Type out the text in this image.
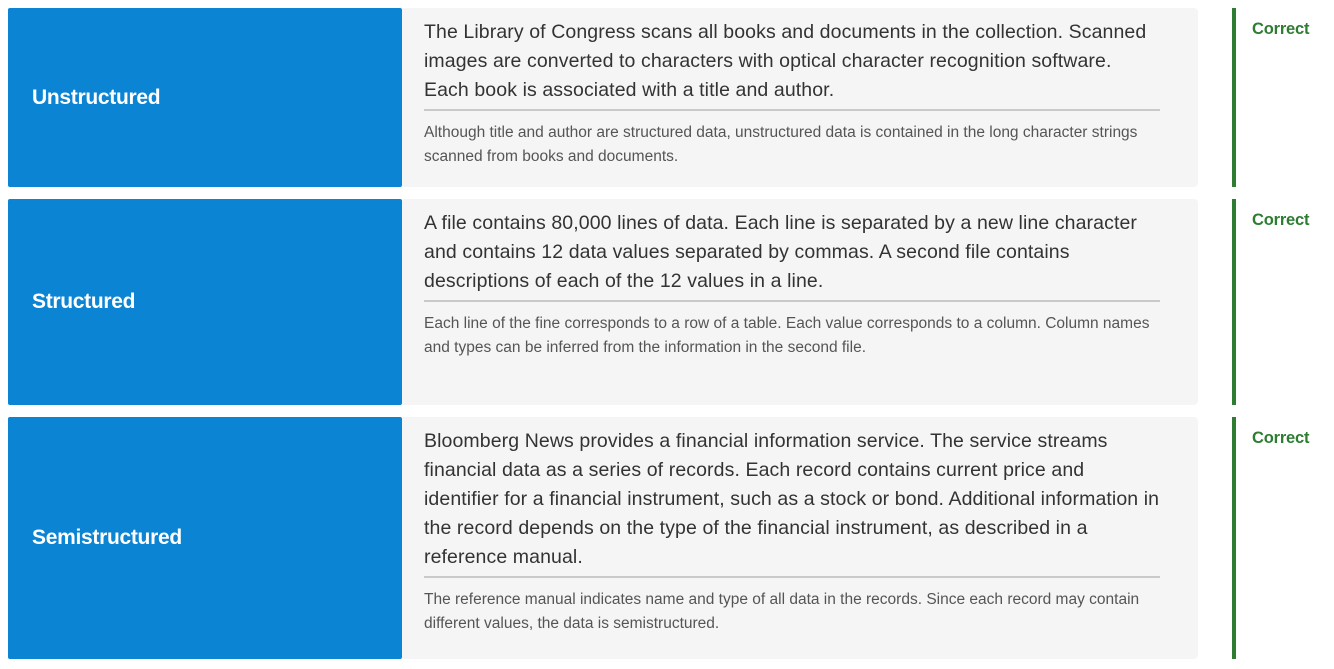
Unstructured
The Library of Congress scans all books and documents in the collection. Scanned images are converted to characters with optical character recognition software. Each book is associated with a title and author.
Although title and author are structured data, unstructured data is contained in the long character strings scanned from books and documents.
Correct
Structured
A file contains 80,000 lines of data. Each line is separated by a new line character and contains 12 data values separated by commas. A second file contains descriptions of each of the 12 values in a line.
Each line of the fine corresponds to a row of a table. Each value corresponds to a column. Column names and types can be inferred from the information in the second file.
Correct
Semistructured
Bloomberg News provides a financial information service. The service streams financial data as a series of records. Each record contains current price and identifier for a financial instrument, such as a stock or bond. Additional information in the record depends on the type of the financial instrument, as described in a reference manual.
The reference manual indicates name and type of all data in the records. Since each record may contain different values, the data is semistructured.
Correct
